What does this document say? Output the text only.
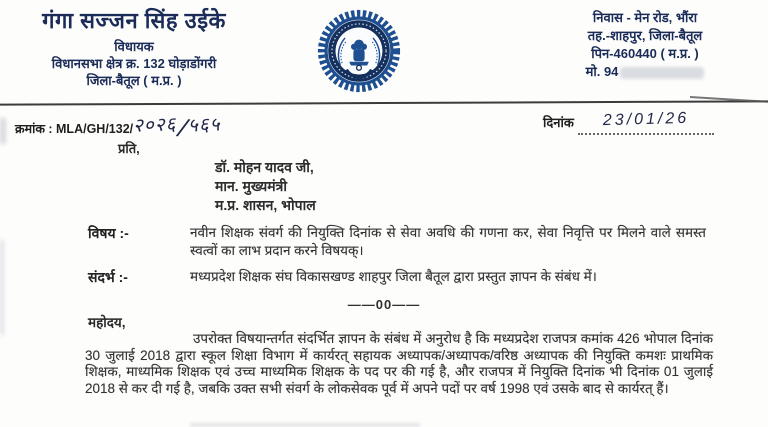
गंगा सज्जन सिंह उईके
विधायक
विधानसभा क्षेत्र क्र. 132 घोड़ाडोंगरी
जिला-बैतूल ( म.प्र. )
निवास - मेन रोड, भौंरा
तह.-शाहपुर, जिला-बैतूल
पिन-460440 ( म.प्र. )
मो. 94
क्रमांक : MLA/GH/132/२०२६/५६५	दिनांक 23/01/26
प्रति,
डॉ. मोहन यादव जी,
मान. मुख्यमंत्री
म.प्र. शासन, भोपाल
विषय :-	नवीन शिक्षक संवर्ग की नियुक्ति दिनांक से सेवा अवधि की गणना कर, सेवा निवृत्ति पर मिलने वाले समस्त स्वत्वों का लाभ प्रदान करने विषयक्।
संदर्भ :-	मध्यप्रदेश शिक्षक संघ विकासखण्ड शाहपुर जिला बैतूल द्वारा प्रस्तुत ज्ञापन के संबंध में।
——00——
महोदय,
उपरोक्त विषयान्तर्गत संदर्भित ज्ञापन के संबंध में अनुरोध है कि मध्यप्रदेश राजपत्र कमांक 426 भोपाल दिनांक 30 जुलाई 2018 द्वारा स्कूल शिक्षा विभाग में कार्यरत् सहायक अध्यापक/अध्यापक/वरिष्ठ अध्यापक की नियुक्ति कमशः प्राथमिक शिक्षक, माध्यमिक शिक्षक एवं उच्च माध्यमिक शिक्षक के पद पर की गई है, और राजपत्र में नियुक्ति दिनांक भी दिनांक 01 जुलाई 2018 से कर दी गई है, जबकि उक्त सभी संवर्ग के लोकसेवक पूर्व में अपने पदों पर वर्ष 1998 एवं उसके बाद से कार्यरत् हैं।
